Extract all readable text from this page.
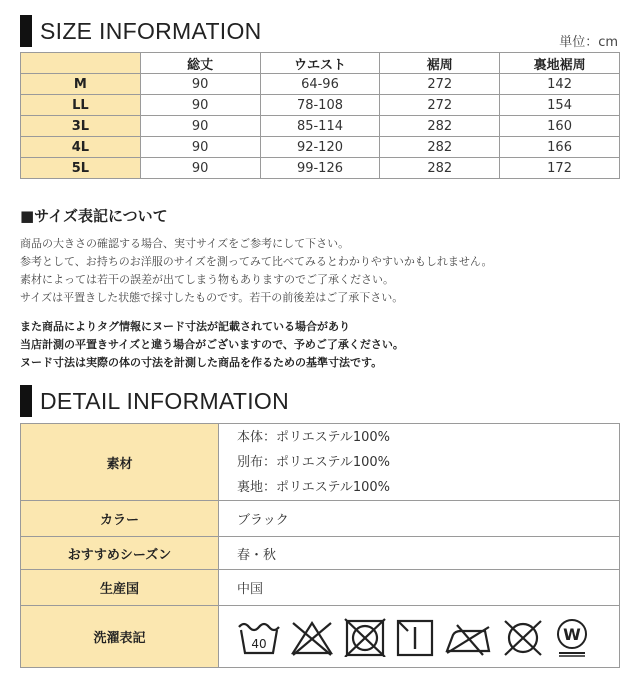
SIZE INFORMATION	単位：cm
	総丈	ウエスト	裾周	裏地裾周
M	90	64-96	272	142
LL	90	78-108	272	154
3L	90	85-114	282	160
4L	90	92-120	282	166
5L	90	99-126	282	172
■サイズ表記について
商品の大きさの確認する場合、実寸サイズをご参考にして下さい。
参考として、お持ちのお洋服のサイズを測ってみて比べてみるとわかりやすいかもしれません。
素材によっては若干の誤差が出てしまう物もありますのでご了承ください。
サイズは平置きした状態で採寸したものです。若干の前後差はご了承下さい。
また商品によりタグ情報にヌード寸法が記載されている場合があり
当店計測の平置きサイズと違う場合がございますので、予めご了承ください。
ヌード寸法は実際の体の寸法を計測した商品を作るための基準寸法です。
DETAIL INFORMATION
素材	本体：ポリエステル100%
別布：ポリエステル100%
裏地：ポリエステル100%

カラー	ブラック
おすすめシーズン	春・秋
生産国	中国
洗濯表記	40 W
